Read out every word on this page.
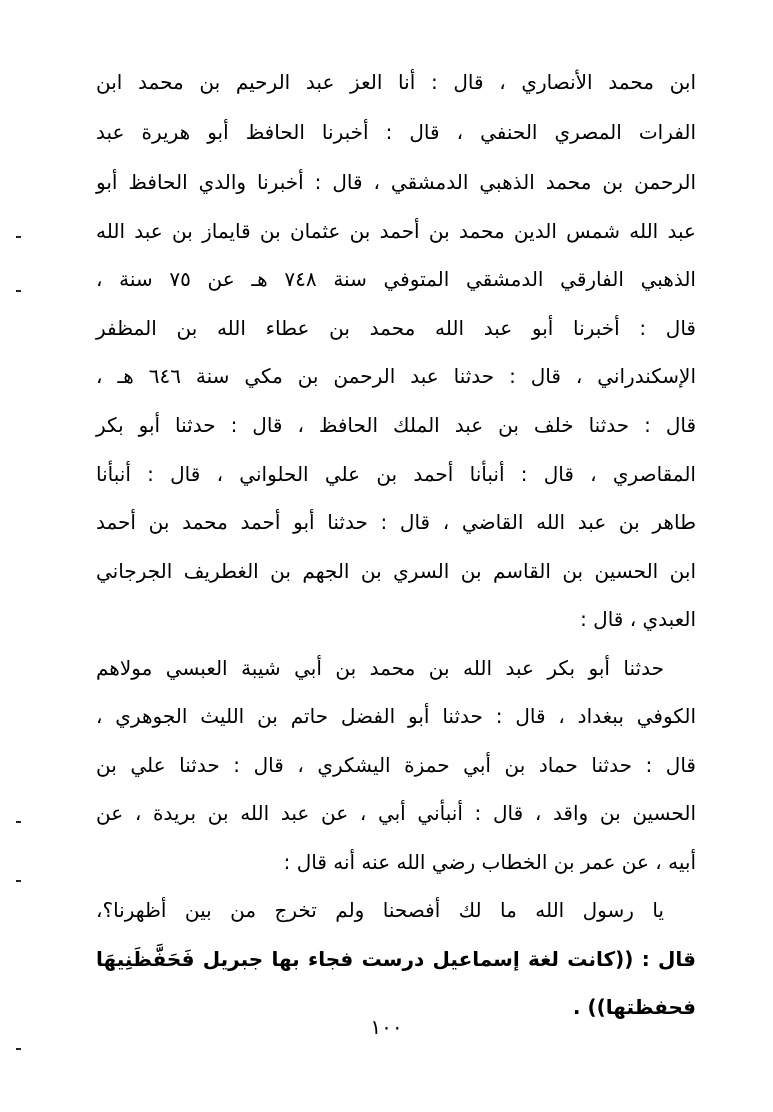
ابن محمد الأنصاري ، قال : أنا العز عبد الرحيم بن محمد ابن
الفرات المصري الحنفي ، قال : أخبرنا الحافظ أبو هريرة عبد
الرحمن بن محمد الذهبي الدمشقي ، قال : أخبرنا والدي الحافظ أبو
عبد الله شمس الدين محمد بن أحمد بن عثمان بن قايماز بن عبد الله
الذهبي الفارقي الدمشقي المتوفي سنة ٧٤٨ هـ عن ٧٥ سنة ،
قال : أخبرنا أبو عبد الله محمد بن عطاء الله بن المظفر
الإسكندراني ، قال : حدثنا عبد الرحمن بن مكي سنة ٦٤٦ هـ ،
قال : حدثنا خلف بن عبد الملك الحافظ ، قال : حدثنا أبو بكر
المقاصري ، قال : أنبأنا أحمد بن علي الحلواني ، قال : أنبأنا
طاهر بن عبد الله القاضي ، قال : حدثنا أبو أحمد محمد بن أحمد
ابن الحسين بن القاسم بن السري بن الجهم بن الغطريف الجرجاني
العبدي ، قال :
حدثنا أبو بكر عبد الله بن محمد بن أبي شيبة العبسي مولاهم
الكوفي ببغداد ، قال : حدثنا أبو الفضل حاتم بن الليث الجوهري ،
قال : حدثنا حماد بن أبي حمزة اليشكري ، قال : حدثنا علي بن
الحسين بن واقد ، قال : أنبأني أبي ، عن عبد الله بن بريدة ، عن
أبيه ، عن عمر بن الخطاب رضي الله عنه أنه قال :
يا رسول الله ما لك أفصحنا ولم تخرج من بين أظهرنا؟،
قال : ((كانت لغة إسماعيل درست فجاء بها جبريل فَحَفَّظَنِيهَا
فحفظتها)) .
١٠٠
